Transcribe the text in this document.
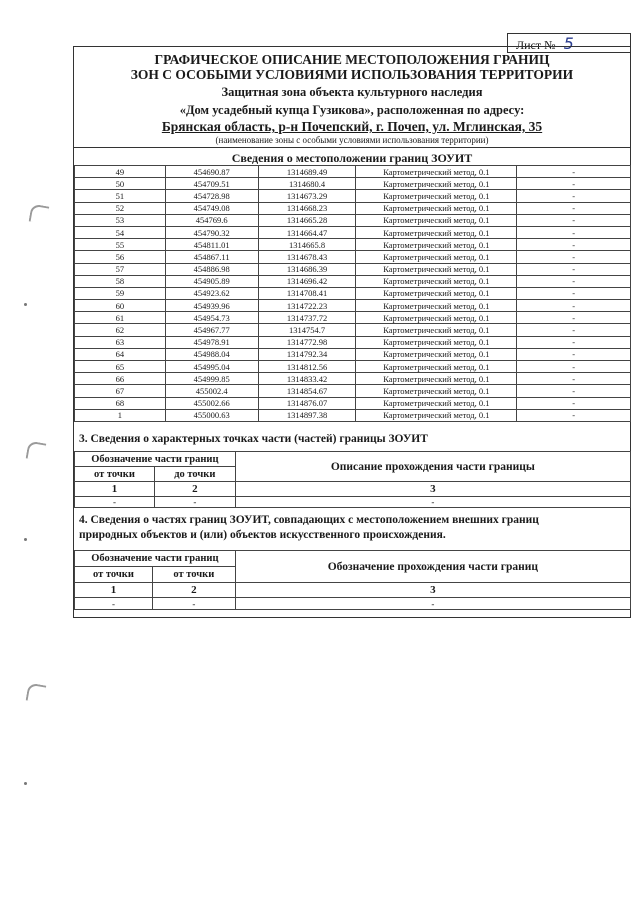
Лист № 5
ГРАФИЧЕСКОЕ ОПИСАНИЕ МЕСТОПОЛОЖЕНИЯ ГРАНИЦ
ЗОН С ОСОБЫМИ УСЛОВИЯМИ ИСПОЛЬЗОВАНИЯ ТЕРРИТОРИИ
Защитная зона объекта культурного наследия
«Дом усадебный купца Гузикова», расположенная по адресу:
Брянская область, р-н Почепский, г. Почеп, ул. Мглинская, 35
(наименование зоны с особыми условиями использования территории)
Сведения о местоположении границ ЗОУИТ
49	454690.87	1314689.49	Картометрический метод, 0.1	-
50	454709.51	1314680.4	Картометрический метод, 0.1	-
51	454728.98	1314673.29	Картометрический метод, 0.1	-
52	454749.08	1314668.23	Картометрический метод, 0.1	-
53	454769.6	1314665.28	Картометрический метод, 0.1	-
54	454790.32	1314664.47	Картометрический метод, 0.1	-
55	454811.01	1314665.8	Картометрический метод, 0.1	-
56	454867.11	1314678.43	Картометрический метод, 0.1	-
57	454886.98	1314686.39	Картометрический метод, 0.1	-
58	454905.89	1314696.42	Картометрический метод, 0.1	-
59	454923.62	1314708.41	Картометрический метод, 0.1	-
60	454939.96	1314722.23	Картометрический метод, 0.1	-
61	454954.73	1314737.72	Картометрический метод, 0.1	-
62	454967.77	1314754.7	Картометрический метод, 0.1	-
63	454978.91	1314772.98	Картометрический метод, 0.1	-
64	454988.04	1314792.34	Картометрический метод, 0.1	-
65	454995.04	1314812.56	Картометрический метод, 0.1	-
66	454999.85	1314833.42	Картометрический метод, 0.1	-
67	455002.4	1314854.67	Картометрический метод, 0.1	-
68	455002.66	1314876.07	Картометрический метод, 0.1	-
1	455000.63	1314897.38	Картометрический метод, 0.1	-
3. Сведения о характерных точках части (частей) границы ЗОУИТ
Обозначение части границ		Описание прохождения части границы
от точки	до точки	
1	2	3
-	-	-
4. Сведения о частях границ ЗОУИТ, совпадающих с местоположением внешних границ
природных объектов и (или) объектов искусственного происхождения.
Обозначение части границ		Обозначение прохождения части границ
от точки	от точки	
1	2	3
-	-	-
